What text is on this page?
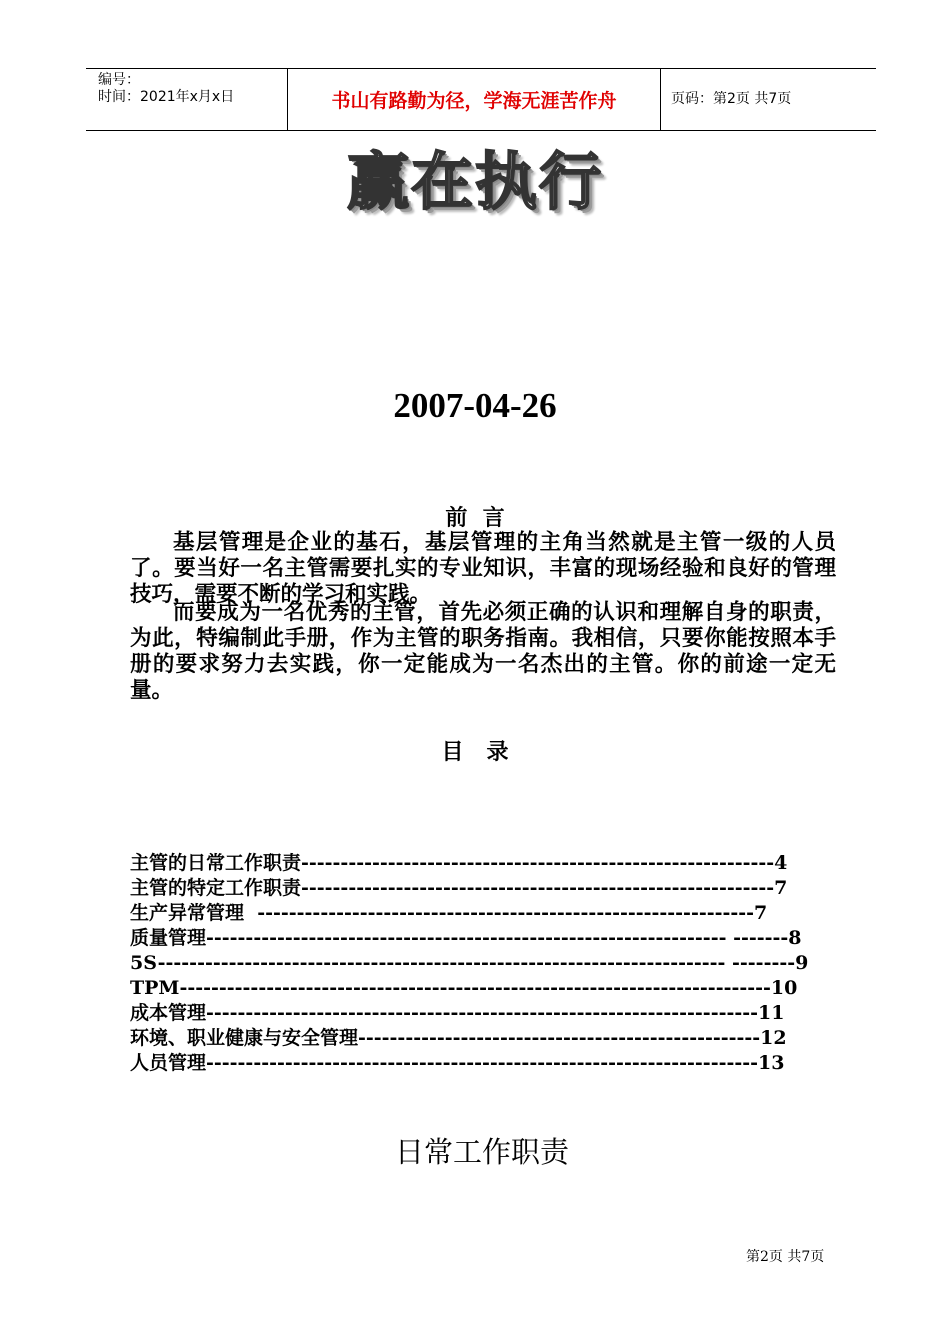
编号：
时间：2021年x月x日	书山有路勤为径，学海无涯苦作舟	页码：第2页 共7页
赢在执行
2007-04-26
前  言

基层管理是企业的基石，基层管理的主角当然就是主管一级的人员了。要当好一名主管需要扎实的专业知识，丰富的现场经验和良好的管理技巧，需要不断的学习和实践。

而要成为一名优秀的主管，首先必须正确的认识和理解自身的职责，为此，特编制此手册，作为主管的职务指南。我相信，只要你能按照本手册的要求努力去实践，你一定能成为一名杰出的主管。你的前途一定无量。

目   录
主管的日常工作职责------------------------------------------------------------4
主管的特定工作职责------------------------------------------------------------7
生产异常管理  ---------------------------------------------------------------7
质量管理------------------------------------------------------------------ -------8
5S------------------------------------------------------------------------ --------9
TPM---------------------------------------------------------------------------10
成本管理----------------------------------------------------------------------11
环境、职业健康与安全管理---------------------------------------------------12
人员管理----------------------------------------------------------------------13
日常工作职责
第2页 共7页
